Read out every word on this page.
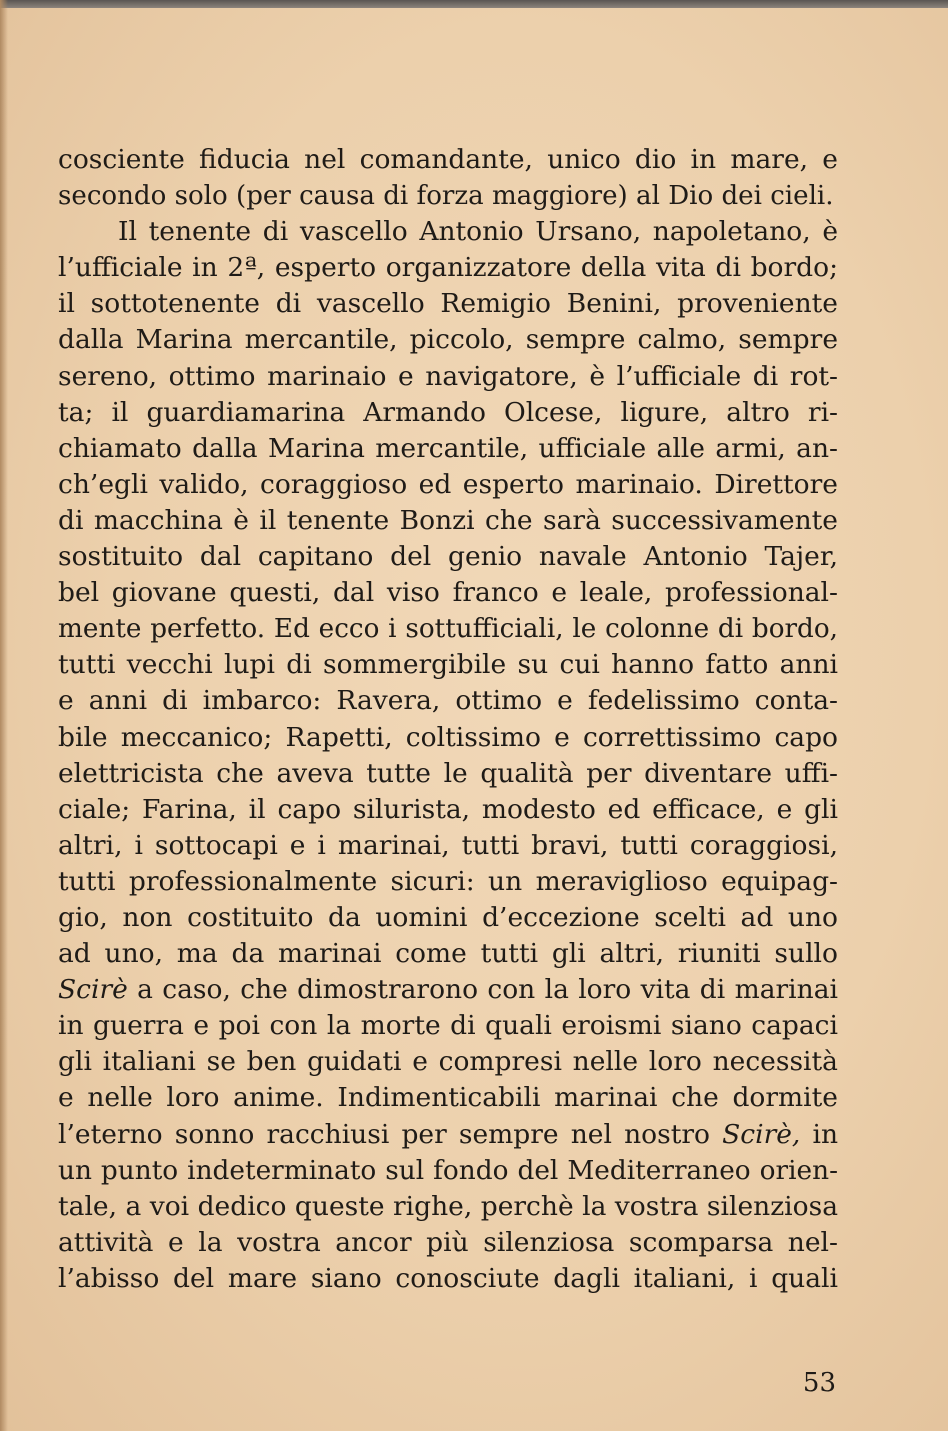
cosciente fiducia nel comandante, unico dio in mare, e
secondo solo (per causa di forza maggiore) al Dio dei cieli.
Il tenente di vascello Antonio Ursano, napoletano, è
l’ufficiale in 2ª, esperto organizzatore della vita di bordo;
il sottotenente di vascello Remigio Benini, proveniente
dalla Marina mercantile, piccolo, sempre calmo, sempre
sereno, ottimo marinaio e navigatore, è l’ufficiale di rot-
ta; il guardiamarina Armando Olcese, ligure, altro ri-
chiamato dalla Marina mercantile, ufficiale alle armi, an-
ch’egli valido, coraggioso ed esperto marinaio. Direttore
di macchina è il tenente Bonzi che sarà successivamente
sostituito dal capitano del genio navale Antonio Tajer,
bel giovane questi, dal viso franco e leale, professional-
mente perfetto. Ed ecco i sottufficiali, le colonne di bordo,
tutti vecchi lupi di sommergibile su cui hanno fatto anni
e anni di imbarco: Ravera, ottimo e fedelissimo conta-
bile meccanico; Rapetti, coltissimo e correttissimo capo
elettricista che aveva tutte le qualità per diventare uffi-
ciale; Farina, il capo silurista, modesto ed efficace, e gli
altri, i sottocapi e i marinai, tutti bravi, tutti coraggiosi,
tutti professionalmente sicuri: un meraviglioso equipag-
gio, non costituito da uomini d’eccezione scelti ad uno
ad uno, ma da marinai come tutti gli altri, riuniti sullo
Scirè a caso, che dimostrarono con la loro vita di marinai
in guerra e poi con la morte di quali eroismi siano capaci
gli italiani se ben guidati e compresi nelle loro necessità
e nelle loro anime. Indimenticabili marinai che dormite
l’eterno sonno racchiusi per sempre nel nostro Scirè, in
un punto indeterminato sul fondo del Mediterraneo orien-
tale, a voi dedico queste righe, perchè la vostra silenziosa
attività e la vostra ancor più silenziosa scomparsa nel-
l’abisso del mare siano conosciute dagli italiani, i quali
53
